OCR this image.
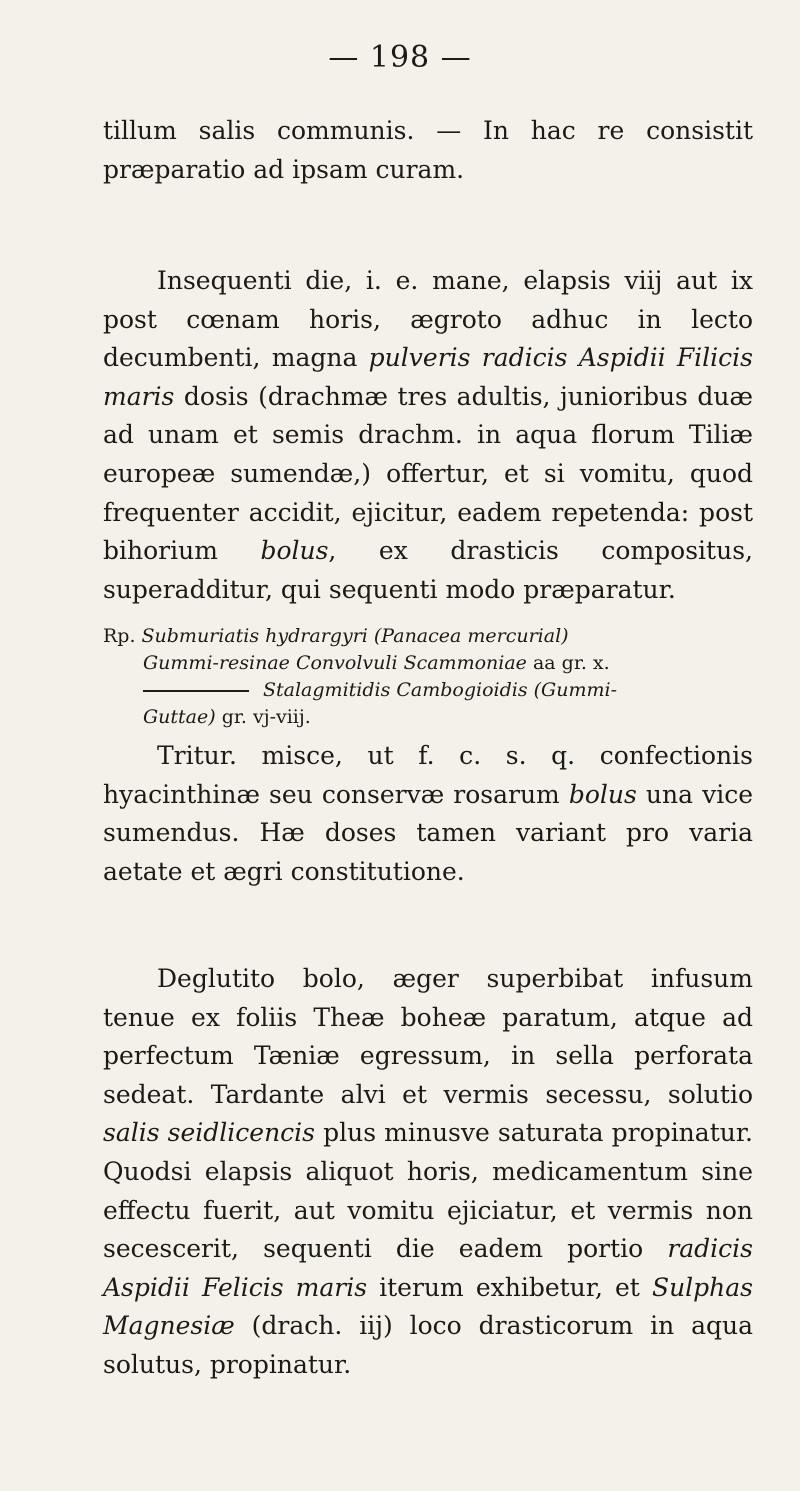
— 198 —

tillum salis communis. — In hac re consistit præparatio ad ipsam curam.

Insequenti die, i. e. mane, elapsis viij aut ix post cœnam horis, ægroto adhuc in lecto decumbenti, magna pulveris radicis Aspidii Filicis maris dosis (drachmæ tres adultis, junioribus duæ ad unam et semis drachm. in aqua florum Tiliæ europeæ sumendæ,) offertur, et si vomitu, quod frequenter accidit, ejicitur, eadem repetenda: post bihorium bolus, ex drasticis compositus, superadditur, qui sequenti modo præparatur.

Rp. Submuriatis hydrargyri (Panacea mercurial)
Gummi-resinae Convolvuli Scammoniae aa gr. x.
Stalagmitidis Cambogioidis (Gummi-
Guttae) gr. vj-viij.

Tritur. misce, ut f. c. s. q. confectionis hyacinthinæ seu conservæ rosarum bolus una vice sumendus. Hæ doses tamen variant pro varia aetate et ægri constitutione.

Deglutito bolo, æger superbibat infusum tenue ex foliis Theæ boheæ paratum, atque ad perfectum Tæniæ egressum, in sella perforata sedeat. Tardante alvi et vermis secessu, solutio salis seidlicencis plus minusve saturata propinatur. Quodsi elapsis aliquot horis, medicamentum sine effectu fuerit, aut vomitu ejiciatur, et vermis non secescerit, sequenti die eadem portio radicis Aspidii Felicis maris iterum exhibetur, et Sulphas Magnesiæ (drach. iij) loco drasticorum in aqua solutus, propinatur.
